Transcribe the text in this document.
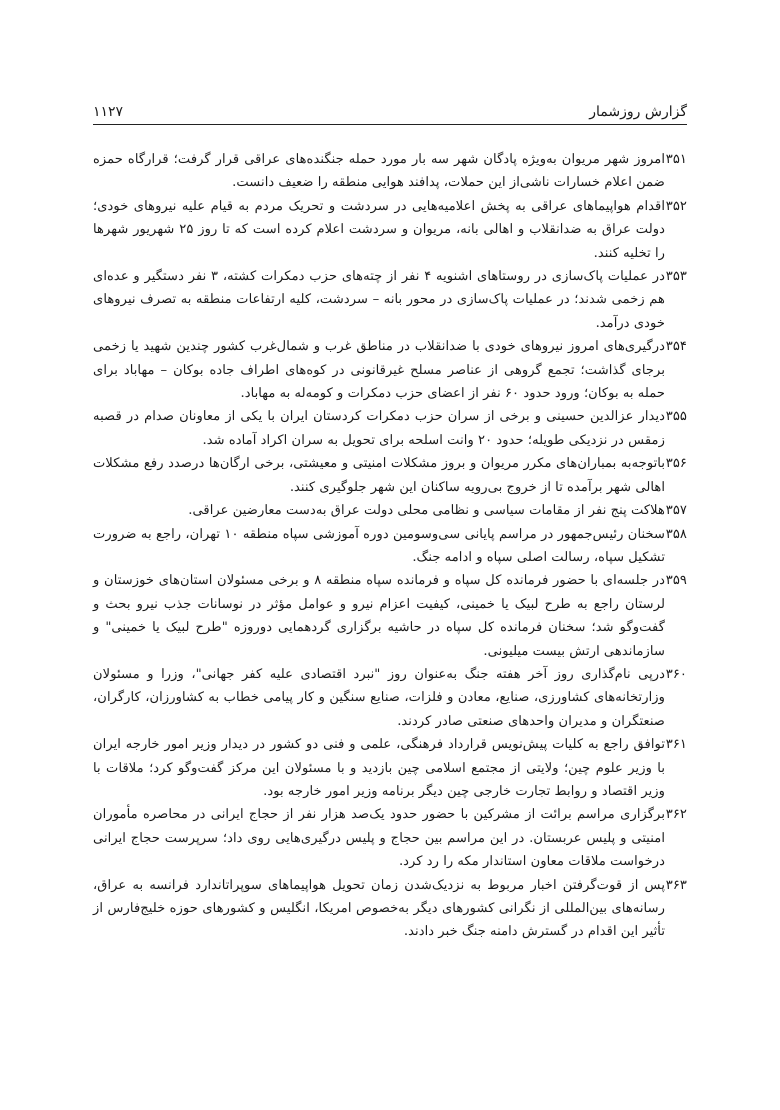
گزارش روزشمار
۱۱۲۷

۳۵۱
امروز شهر مریوان به‌ویژه پادگان شهر سه بار مورد حمله جنگنده‌های عراقی قرار گرفت؛ قرارگاه حمزه ضمن اعلام خسارات ناشی‌از این حملات، پدافند هوایی منطقه را ضعیف دانست.

۳۵۲
اقدام هواپیماهای عراقی به پخش اعلامیه‌هایی در سردشت و تحریک مردم به قیام علیه نیروهای خودی؛ دولت عراق به ضدانقلاب و اهالی بانه، مریوان و سردشت اعلام کرده است که تا روز ۲۵ شهریور شهرها را تخلیه کنند.

۳۵۳
در عملیات پاک‌سازی در روستاهای اشنویه ۴ نفر از چته‌های حزب دمکرات کشته، ۳ نفر دستگیر و عده‌ای هم زخمی شدند؛ در عملیات پاک‌سازی در محور بانه – سردشت، کلیه ارتفاعات منطقه به تصرف نیروهای خودی درآمد.

۳۵۴
درگیری‌های امروز نیروهای خودی با ضدانقلاب در مناطق غرب و شمال‌غرب کشور چندین شهید یا زخمی برجای گذاشت؛ تجمع گروهی از عناصر مسلح غیرقانونی در کوه‌های اطراف جاده بوکان – مهاباد برای حمله به بوکان؛ ورود حدود ۶۰ نفر از اعضای حزب دمکرات و کومه‌له به مهاباد.

۳۵۵
دیدار عزالدین حسینی و برخی از سران حزب دمکرات کردستان ایران با یکی از معاونان صدام در قصبه زمقس در نزدیکی طویله؛ حدود ۲۰ وانت اسلحه برای تحویل به سران اکراد آماده شد.

۳۵۶
باتوجه‌به بمباران‌های مکرر مریوان و بروز مشکلات امنیتی و معیشتی، برخی ارگان‌ها درصدد رفع مشکلات اهالی شهر برآمده تا از خروج بی‌رویه ساکنان این شهر جلوگیری کنند.

۳۵۷
هلاکت پنج نفر از مقامات سیاسی و نظامی محلی دولت عراق به‌دست معارضین عراقی.

۳۵۸
سخنان رئیس‌جمهور در مراسم پایانی سی‌وسومین دوره آموزشی سپاه منطقه ۱۰ تهران، راجع به ضرورت تشکیل سپاه، رسالت اصلی سپاه و ادامه جنگ.

۳۵۹
در جلسه‌ای با حضور فرمانده کل سپاه و فرمانده سپاه منطقه ۸ و برخی مسئولان استان‌های خوزستان و لرستان راجع به طرح لبیک یا خمینی، کیفیت اعزام نیرو و عوامل مؤثر در نوسانات جذب نیرو بحث و گفت‌وگو شد؛ سخنان فرمانده کل سپاه در حاشیه برگزاری گردهمایی دوروزه "طرح لبیک یا خمینی" و سازماندهی ارتش بیست میلیونی.

۳۶۰
درپی نام‌گذاری روز آخر هفته جنگ به‌عنوان روز "نبرد اقتصادی علیه کفر جهانی"، وزرا و مسئولان وزارتخانه‌های کشاورزی، صنایع، معادن و فلزات، صنایع سنگین و کار پیامی خطاب به کشاورزان، کارگران، صنعتگران و مدیران واحدهای صنعتی صادر کردند.

۳۶۱
توافق راجع به کلیات پیش‌نویس قرارداد فرهنگی، علمی و فنی دو کشور در دیدار وزیر امور خارجه ایران با وزیر علوم چین؛ ولایتی از مجتمع اسلامی چین بازدید و با مسئولان این مرکز گفت‌وگو کرد؛ ملاقات با وزیر اقتصاد و روابط تجارت خارجی چین دیگر برنامه وزیر امور خارجه بود.

۳۶۲
برگزاری مراسم برائت از مشرکین با حضور حدود یک‌صد هزار نفر از حجاج ایرانی در محاصره مأموران امنیتی و پلیس عربستان. در این مراسم بین حجاج و پلیس درگیری‌هایی روی داد؛ سرپرست حجاج ایرانی درخواست ملاقات معاون استاندار مکه را رد کرد.

۳۶۳
پس از قوت‌گرفتن اخبار مربوط به نزدیک‌شدن زمان تحویل هواپیماهای سوپراتاندارد فرانسه به عراق، رسانه‌های بین‌المللی از نگرانی کشورهای دیگر به‌خصوص امریکا، انگلیس و کشورهای حوزه خلیج‌فارس از تأثیر این اقدام در گسترش دامنه جنگ خبر دادند.
